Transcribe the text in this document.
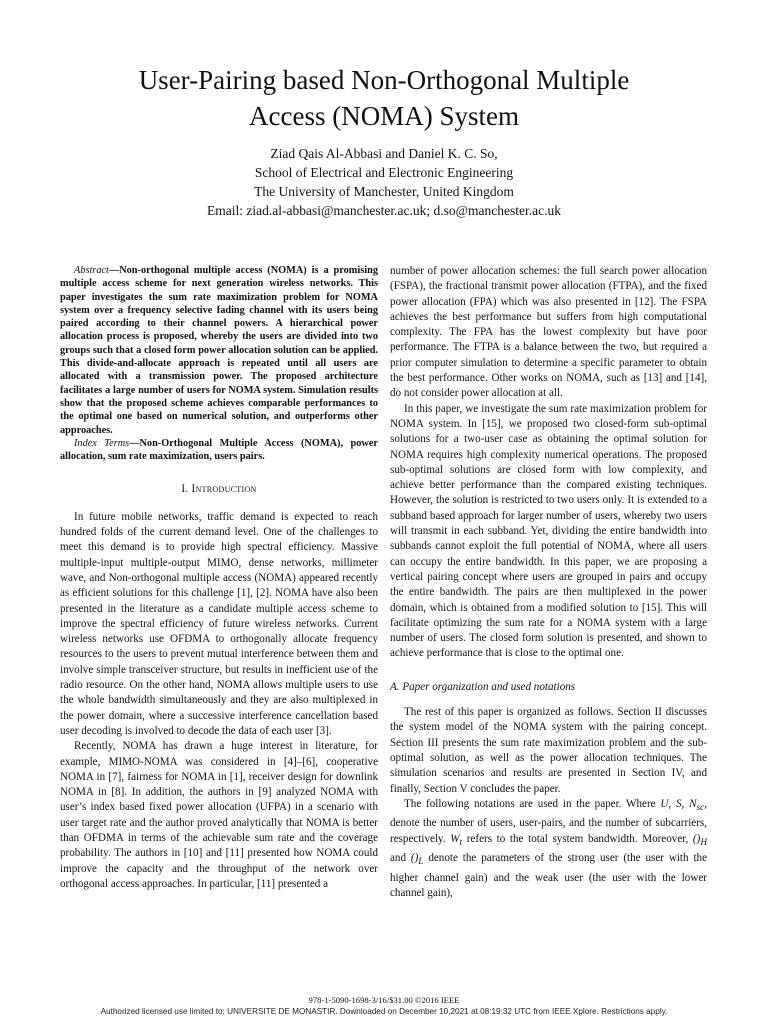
User-Pairing based Non-Orthogonal Multiple
Access (NOMA) System
Ziad Qais Al-Abbasi and Daniel K. C. So,
School of Electrical and Electronic Engineering
The University of Manchester, United Kingdom
Email: ziad.al-abbasi@manchester.ac.uk; d.so@manchester.ac.uk

Abstract—Non-orthogonal multiple access (NOMA) is a promising multiple access scheme for next generation wireless networks. This paper investigates the sum rate maximization problem for NOMA system over a frequency selective fading channel with its users being paired according to their channel powers. A hierarchical power allocation process is proposed, whereby the users are divided into two groups such that a closed form power allocation solution can be applied. This divide-and-allocate approach is repeated until all users are allocated with a transmission power. The proposed architecture facilitates a large number of users for NOMA system. Simulation results show that the proposed scheme achieves comparable performances to the optimal one based on numerical solution, and outperforms other approaches.

Index Terms—Non-Orthogonal Multiple Access (NOMA), power allocation, sum rate maximization, users pairs.

I. Introduction

In future mobile networks, traffic demand is expected to reach hundred folds of the current demand level. One of the challenges to meet this demand is to provide high spectral efficiency. Massive multiple-input multiple-output MIMO, dense networks, millimeter wave, and Non-orthogonal multiple access (NOMA) appeared recently as efficient solutions for this challenge [1], [2]. NOMA have also been presented in the literature as a candidate multiple access scheme to improve the spectral efficiency of future wireless networks. Current wireless networks use OFDMA to orthogonally allocate frequency resources to the users to prevent mutual interference between them and involve simple transceiver structure, but results in inefficient use of the radio resource. On the other hand, NOMA allows multiple users to use the whole bandwidth simultaneously and they are also multiplexed in the power domain, where a successive interference cancellation based user decoding is involved to decode the data of each user [3].

Recently, NOMA has drawn a huge interest in literature, for example, MIMO-NOMA was considered in [4]–[6], cooperative NOMA in [7], fairness for NOMA in [1], receiver design for downlink NOMA in [8]. In addition, the authors in [9] analyzed NOMA with user’s index based fixed power allocation (UFPA) in a scenario with user target rate and the author proved analytically that NOMA is better than OFDMA in terms of the achievable sum rate and the coverage probability. The authors in [10] and [11] presented how NOMA could improve the capacity and the throughput of the network over orthogonal access approaches. In particular, [11] presented a

number of power allocation schemes: the full search power allocation (FSPA), the fractional transmit power allocation (FTPA), and the fixed power allocation (FPA) which was also presented in [12]. The FSPA achieves the best performance but suffers from high computational complexity. The FPA has the lowest complexity but have poor performance. The FTPA is a balance between the two, but required a prior computer simulation to determine a specific parameter to obtain the best performance. Other works on NOMA, such as [13] and [14], do not consider power allocation at all.

In this paper, we investigate the sum rate maximization problem for NOMA system. In [15], we proposed two closed-form sub-optimal solutions for a two-user case as obtaining the optimal solution for NOMA requires high complexity numerical operations. The proposed sub-optimal solutions are closed form with low complexity, and achieve better performance than the compared existing techniques. However, the solution is restricted to two users only. It is extended to a subband based approach for larger number of users, whereby two users will transmit in each subband. Yet, dividing the entire bandwidth into subbands cannot exploit the full potential of NOMA, where all users can occupy the entire bandwidth. In this paper, we are proposing a vertical pairing concept where users are grouped in pairs and occupy the entire bandwidth. The pairs are then multiplexed in the power domain, which is obtained from a modified solution to [15]. This will facilitate optimizing the sum rate for a NOMA system with a large number of users. The closed form solution is presented, and shown to achieve performance that is close to the optimal one.

A. Paper organization and used notations

The rest of this paper is organized as follows. Section II discusses the system model of the NOMA system with the pairing concept. Section III presents the sum rate maximization problem and the sub-optimal solution, as well as the power allocation techniques. The simulation scenarios and results are presented in Section IV, and finally, Section V concludes the paper.

The following notations are used in the paper. Where U, S, $N_{sc}$, denote the number of users, user-pairs, and the number of subcarriers, respectively. $W_t$ refers to the total system bandwidth. Moreover, $()_H$ and $()_L$ denote the parameters of the strong user (the user with the higher channel gain) and the weak user (the user with the lower channel gain),

978-1-5090-1698-3/16/$31.00 ©2016 IEEE
Authorized licensed use limited to: UNIVERSITE DE MONASTIR. Downloaded on December 10,2021 at 08:19:32 UTC from IEEE Xplore. Restrictions apply.
